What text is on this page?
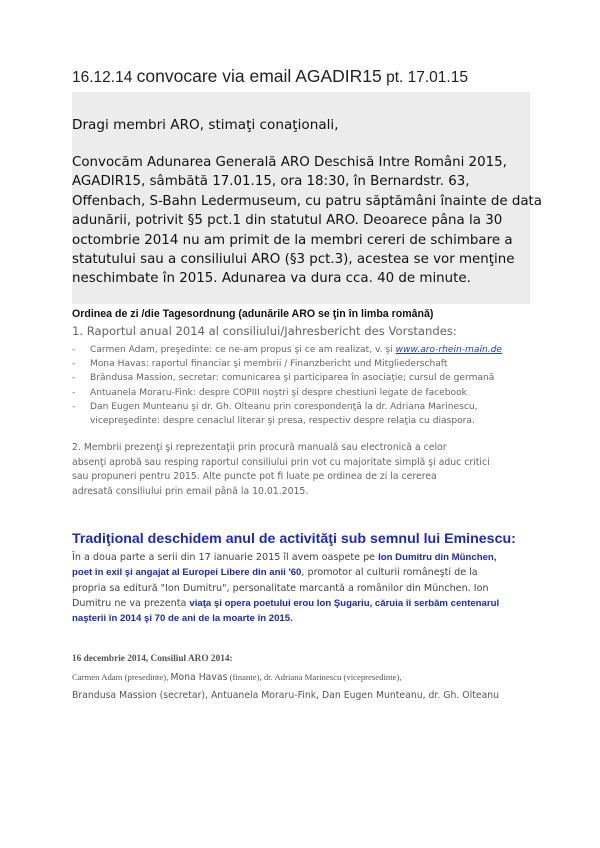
16.12.14 convocare via email AGADIR15 pt. 17.01.15
Dragi membri ARO, stimaţi conaţionali,
Convocăm Adunarea Generală ARO Deschisă Intre Români 2015,
AGADIR15, sâmbătă 17.01.15, ora 18:30, în Bernardstr. 63,
Offenbach, S-Bahn Ledermuseum, cu patru săptămâni înainte de data
adunării, potrivit §5 pct.1 din statutul ARO. Deoarece pâna la 30
octombrie 2014 nu am primit de la membri cereri de schimbare a
statutului sau a consiliului ARO (§3 pct.3), acestea se vor menţine
neschimbate în 2015. Adunarea va dura cca. 40 de minute.
Ordinea de zi /die Tagesordnung (adunările ARO se ţin în limba română)
1. Raportul anual 2014 al consiliului/Jahresbericht des Vorstandes:
- Carmen Adam, preşedinte: ce ne-am propus şi ce am realizat, v. şi www.aro-rhein-main.de
- Mona Havas: raportul financiar şi membrii / Finanzbericht und Mitgliederschaft
- Brândusa Massion, secretar: comunicarea şi participarea în asociaţie; cursul de germană
- Antuanela Moraru-Fink: despre COPIII noştri şi despre chestiuni legate de facebook
- Dan Eugen Munteanu şi dr. Gh. Olteanu prin corespondenţă la dr. Adriana Marinescu,
vicepreşedinte: despre cenaclul literar şi presa, respectiv despre relaţia cu diaspora.
2. Membrii prezenţi şi reprezentaţii prin procură manuală sau electronică a celor
absenţi aprobă sau resping raportul consiliului prin vot cu majoritate simplă şi aduc critici
sau propuneri pentru 2015. Alte puncte pot fi luate pe ordinea de zi la cererea
adresată consiliului prin email până la 10.01.2015.
Tradiţional deschidem anul de activităţi sub semnul lui Eminescu:
În a doua parte a serii din 17 ianuarie 2015 îl avem oaspete pe Ion Dumitru din München,
poet în exil şi angajat al Europei Libere din anii '60, promotor al culturii româneşti de la
propria sa editură "Ion Dumitru", personalitate marcantă a românilor din München. Ion
Dumitru ne va prezenta viaţa şi opera poetului erou Ion Şugariu, căruia îi serbăm centenarul
naşterii în 2014 şi 70 de ani de la moarte în 2015.
16 decembrie 2014, Consiliul ARO 2014:
Carmen Adam (presedinte), Mona Havas (finante), dr. Adriana Marinescu (vicepresedinte),
Brandusa Massion (secretar), Antuanela Moraru-Fink, Dan Eugen Munteanu, dr. Gh. Olteanu
